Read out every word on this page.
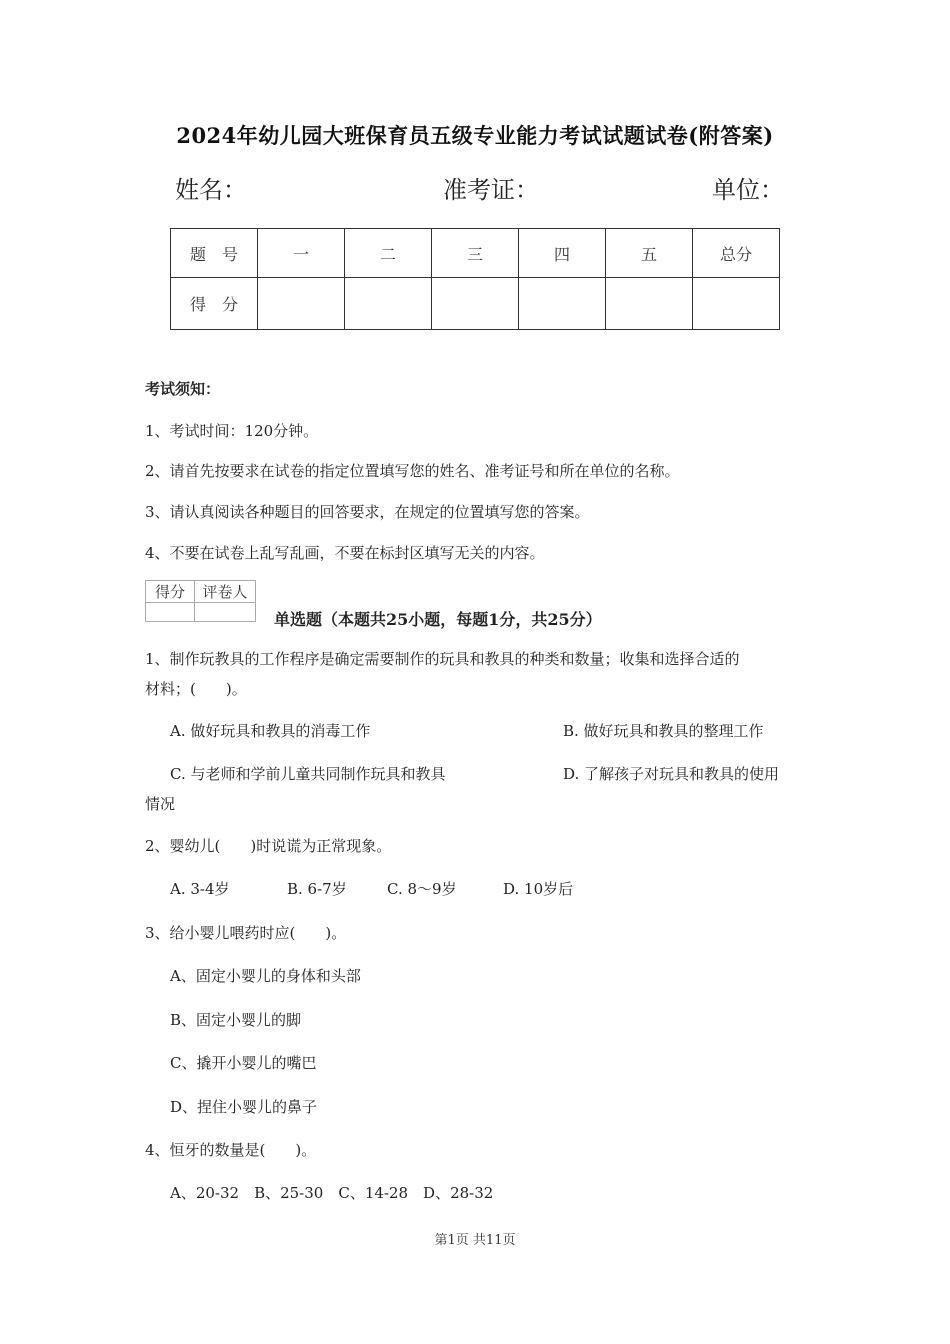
2024年幼儿园大班保育员五级专业能力考试试题试卷(附答案)
姓名：	准考证：	单位：
题　号	一	二	三	四	五	总分
得　分						
考试须知：
1、考试时间：120分钟。
2、请首先按要求在试卷的指定位置填写您的姓名、准考证号和所在单位的名称。
3、请认真阅读各种题目的回答要求，在规定的位置填写您的答案。
4、不要在试卷上乱写乱画，不要在标封区填写无关的内容。
得分	评卷人

单选题（本题共25小题，每题1分，共25分）
1、制作玩教具的工作程序是确定需要制作的玩具和教具的种类和数量；收集和选择合适的
材料；(　　)。
A. 做好玩具和教具的消毒工作	B. 做好玩具和教具的整理工作
C. 与老师和学前儿童共同制作玩具和教具	D. 了解孩子对玩具和教具的使用
情况
2、婴幼儿(　　)时说谎为正常现象。
A. 3-4岁	B. 6-7岁	C. 8～9岁	D. 10岁后
3、给小婴儿喂药时应(　　)。
A、固定小婴儿的身体和头部
B、固定小婴儿的脚
C、撬开小婴儿的嘴巴
D、捏住小婴儿的鼻子
4、恒牙的数量是(　　)。
A、20-32　B、25-30　C、14-28　D、28-32
第1页 共11页
